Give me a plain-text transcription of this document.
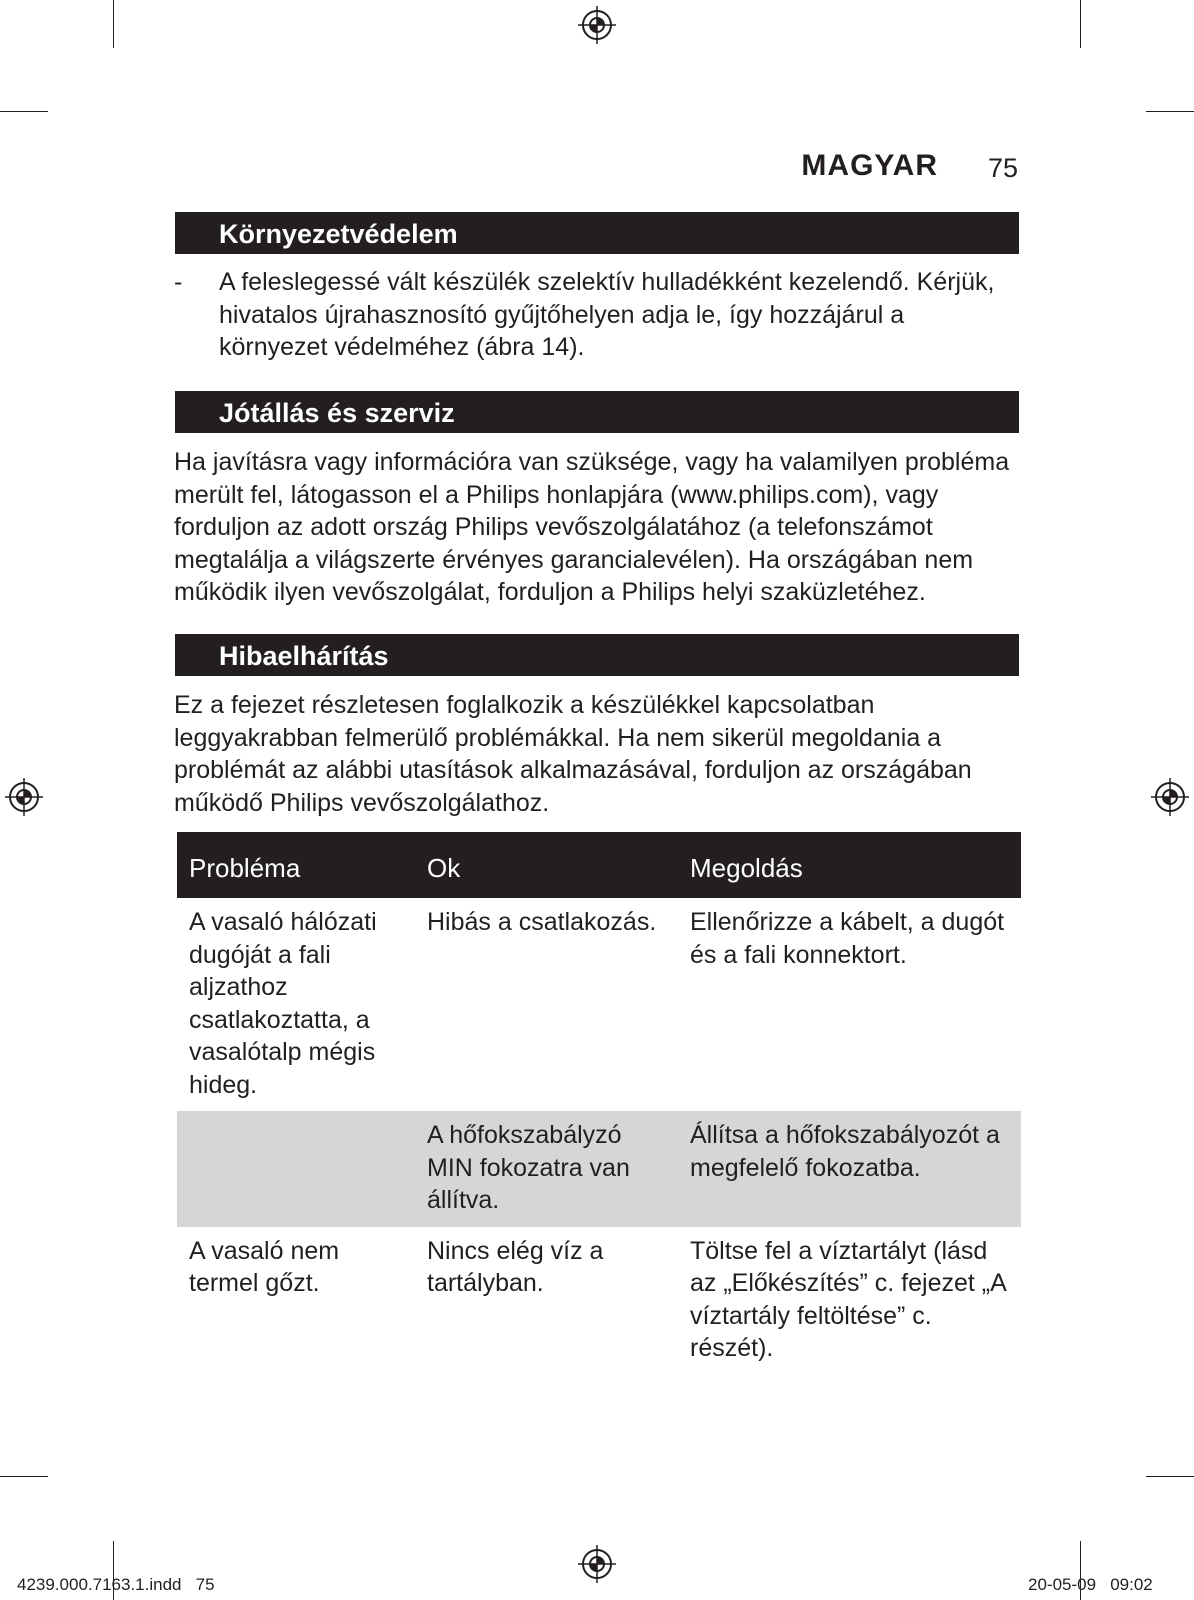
MAGYAR 75
Környezetvédelem
- A feleslegessé vált készülék szelektív hulladékként kezelendő. Kérjük, hivatalos újrahasznosító gyűjtőhelyen adja le, így hozzájárul a környezet védelméhez (ábra 14).
Jótállás és szerviz
Ha javításra vagy információra van szüksége, vagy ha valamilyen probléma merült fel, látogasson el a Philips honlapjára (www.philips.com), vagy forduljon az adott ország Philips vevőszolgálatához (a telefonszámot megtalálja a világszerte érvényes garancialevélen). Ha országában nem működik ilyen vevőszolgálat, forduljon a Philips helyi szaküzletéhez.
Hibaelhárítás
Ez a fejezet részletesen foglalkozik a készülékkel kapcsolatban leggyakrabban felmerülő problémákkal. Ha nem sikerül megoldania a problémát az alábbi utasítások alkalmazásával, forduljon az országában működő Philips vevőszolgálathoz.
Probléma	Ok	Megoldás
A vasaló hálózati dugóját a fali aljzathoz csatlakoztatta, a vasalótalp mégis hideg.	Hibás a csatlakozás.	Ellenőrizze a kábelt, a dugót és a fali konnektort.
	A hőfokszabályzó MIN fokozatra van állítva.	Állítsa a hőfokszabályozót a megfelelő fokozatba.
A vasaló nem termel gőzt.	Nincs elég víz a tartályban.	Töltse fel a víztartályt (lásd az „Előkészítés” c. fejezet „A víztartály feltöltése” c. részét).
4239.000.7163.1.indd   75	20-05-09   09:02
